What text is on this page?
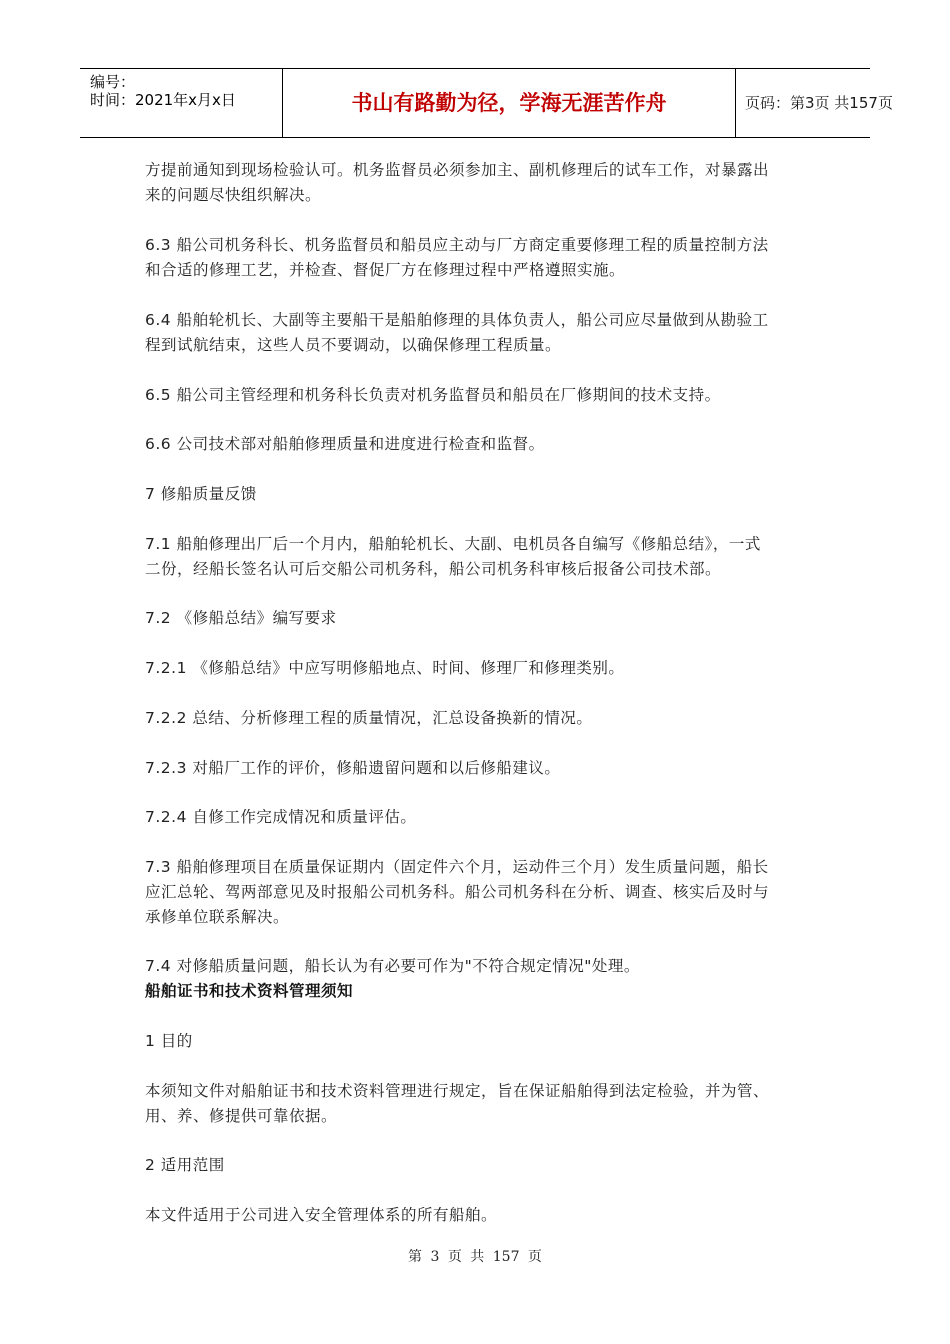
编号：
时间：2021年x月x日	书山有路勤为径，学海无涯苦作舟	页码：第3页 共157页
方提前通知到现场检验认可。机务监督员必须参加主、副机修理后的试车工作，对暴露出
来的问题尽快组织解决。
6.3 船公司机务科长、机务监督员和船员应主动与厂方商定重要修理工程的质量控制方法
和合适的修理工艺，并检查、督促厂方在修理过程中严格遵照实施。
6.4 船舶轮机长、大副等主要船干是船舶修理的具体负责人，船公司应尽量做到从勘验工
程到试航结束，这些人员不要调动，以确保修理工程质量。
6.5 船公司主管经理和机务科长负责对机务监督员和船员在厂修期间的技术支持。
6.6 公司技术部对船舶修理质量和进度进行检查和监督。
7 修船质量反馈
7.1 船舶修理出厂后一个月内，船舶轮机长、大副、电机员各自编写《修船总结》，一式
二份，经船长签名认可后交船公司机务科，船公司机务科审核后报备公司技术部。
7.2 《修船总结》编写要求
7.2.1 《修船总结》中应写明修船地点、时间、修理厂和修理类别。
7.2.2 总结、分析修理工程的质量情况，汇总设备换新的情况。
7.2.3 对船厂工作的评价，修船遗留问题和以后修船建议。
7.2.4 自修工作完成情况和质量评估。
7.3 船舶修理项目在质量保证期内（固定件六个月，运动件三个月）发生质量问题，船长
应汇总轮、驾两部意见及时报船公司机务科。船公司机务科在分析、调查、核实后及时与
承修单位联系解决。
7.4 对修船质量问题，船长认为有必要可作为"不符合规定情况"处理。
船舶证书和技术资料管理须知
1 目的
本须知文件对船舶证书和技术资料管理进行规定，旨在保证船舶得到法定检验，并为管、
用、养、修提供可靠依据。
2 适用范围
本文件适用于公司进入安全管理体系的所有船舶。
第 3 页 共 157 页
